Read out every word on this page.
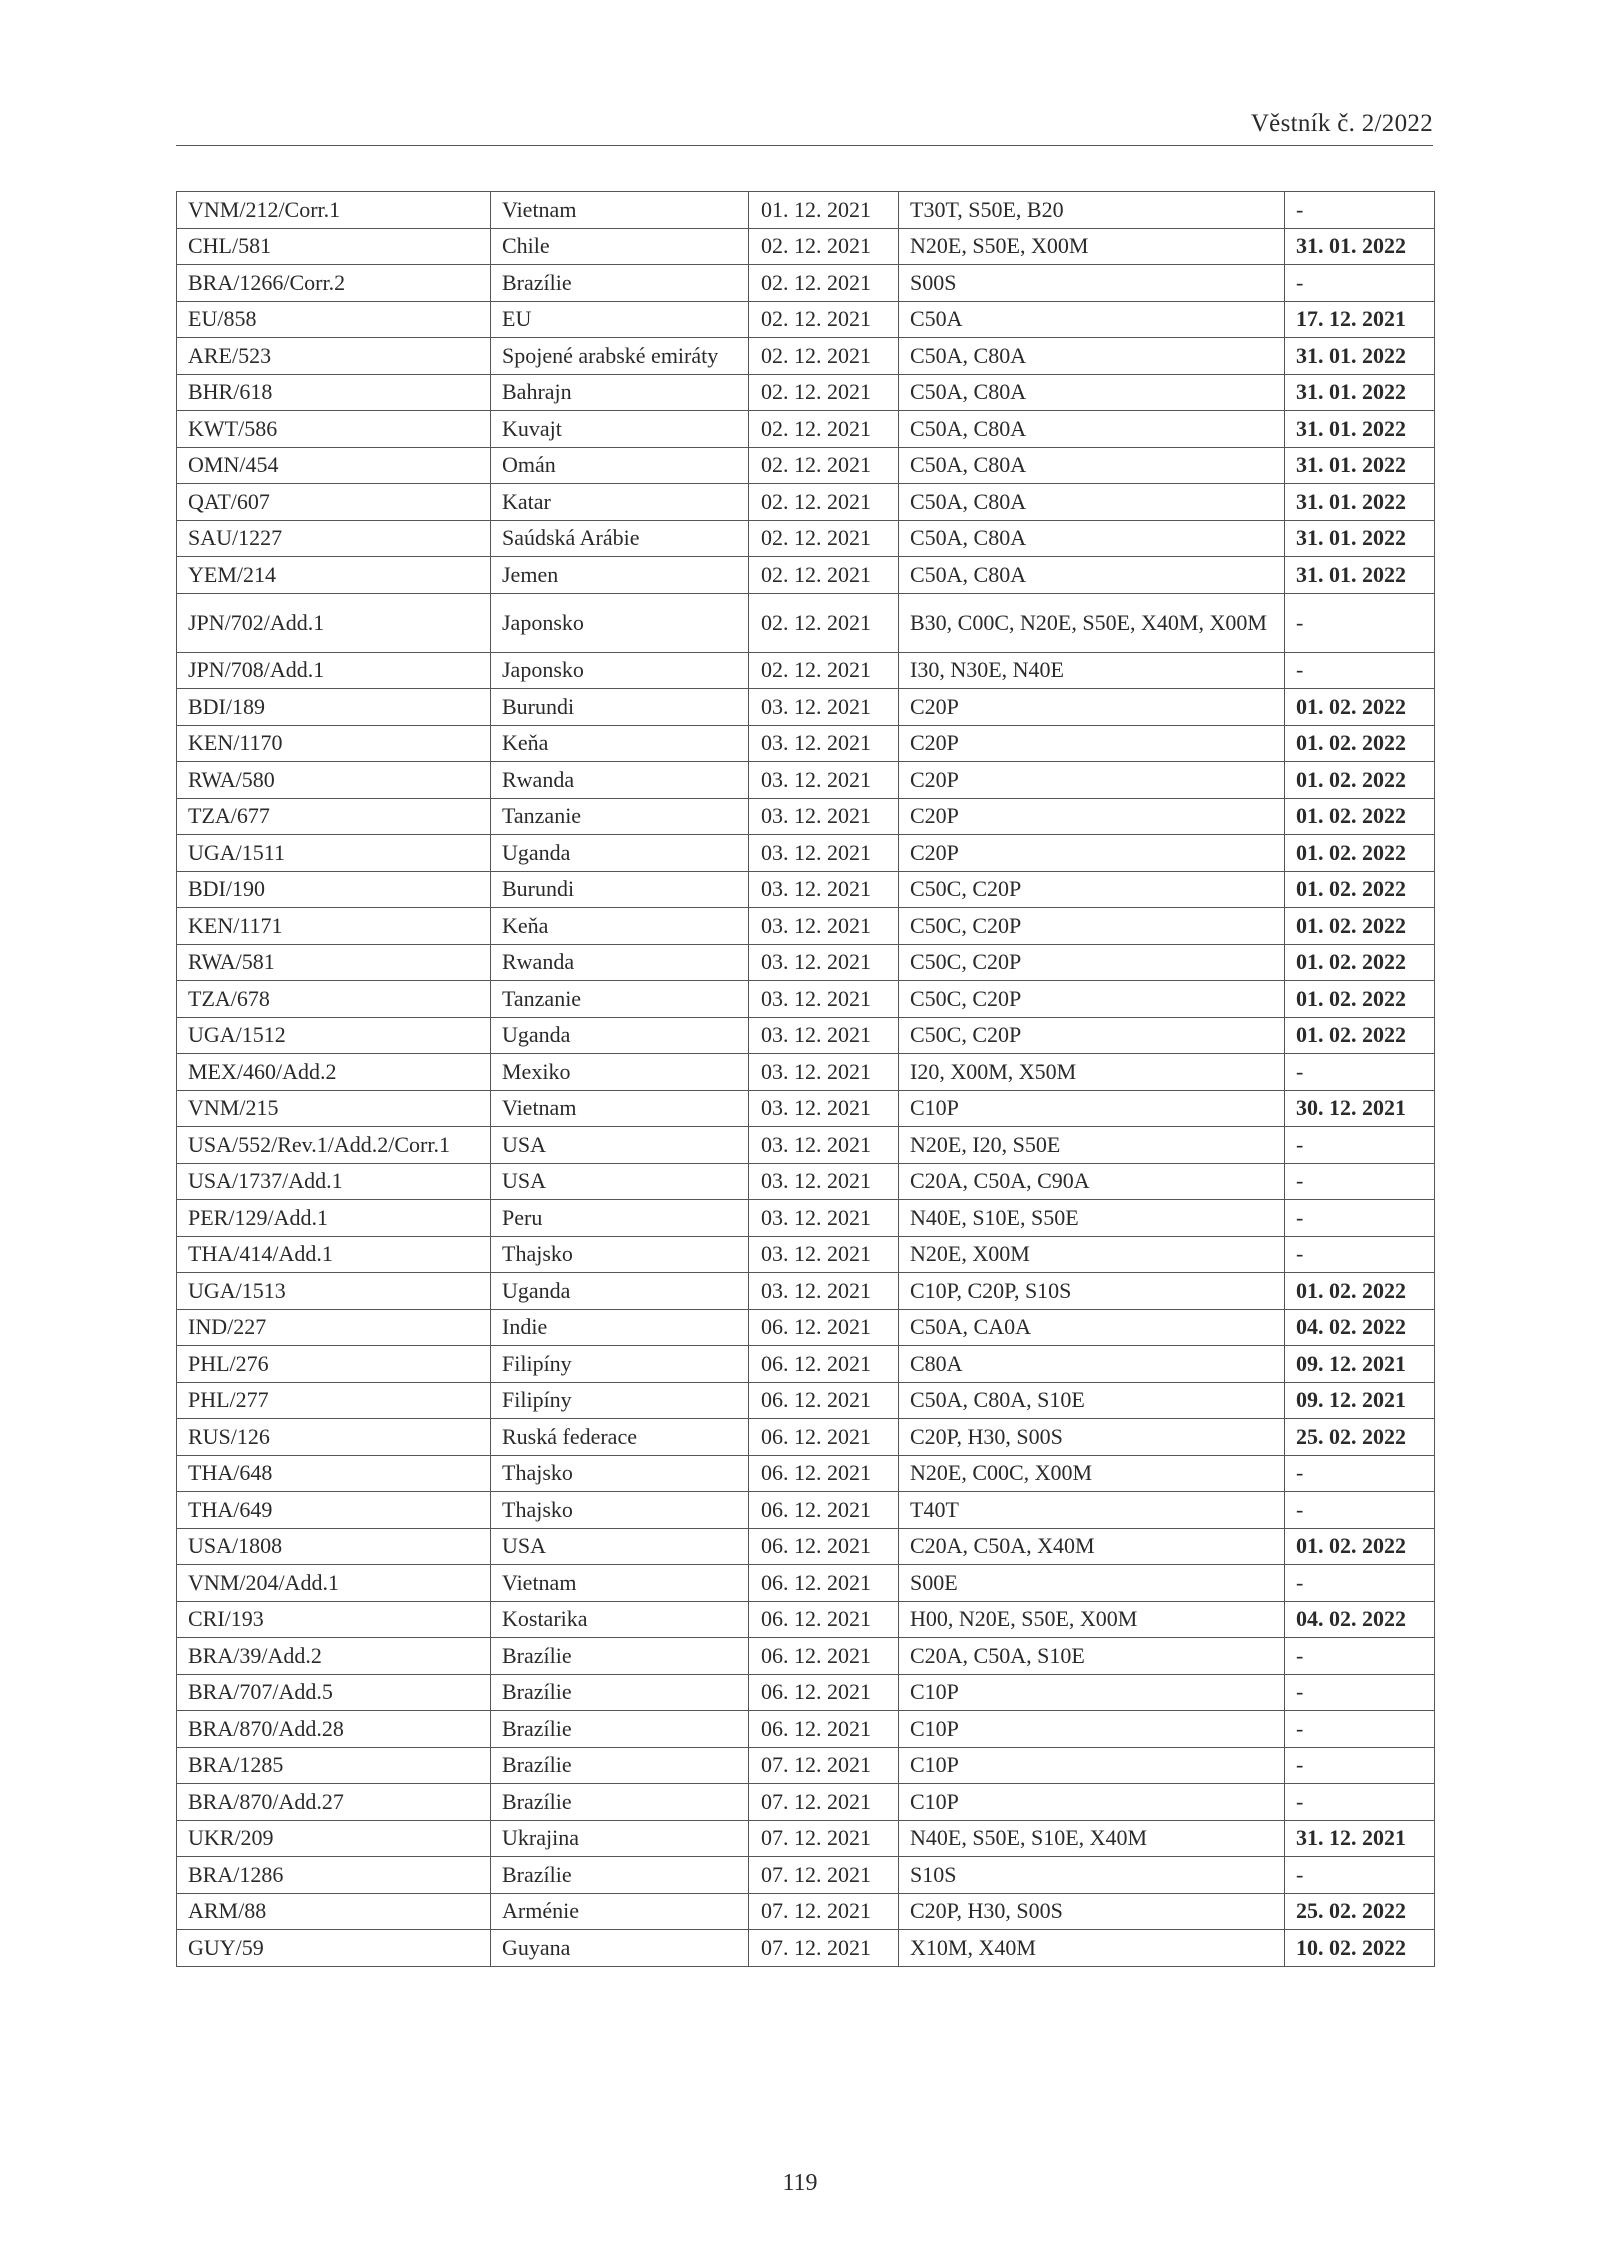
Věstník č. 2/2022
VNM/212/Corr.1	Vietnam	01. 12. 2021	T30T, S50E, B20	-
CHL/581	Chile	02. 12. 2021	N20E, S50E, X00M	31. 01. 2022
BRA/1266/Corr.2	Brazílie	02. 12. 2021	S00S	-
EU/858	EU	02. 12. 2021	C50A	17. 12. 2021
ARE/523	Spojené arabské emiráty	02. 12. 2021	C50A, C80A	31. 01. 2022
BHR/618	Bahrajn	02. 12. 2021	C50A, C80A	31. 01. 2022
KWT/586	Kuvajt	02. 12. 2021	C50A, C80A	31. 01. 2022
OMN/454	Omán	02. 12. 2021	C50A, C80A	31. 01. 2022
QAT/607	Katar	02. 12. 2021	C50A, C80A	31. 01. 2022
SAU/1227	Saúdská Arábie	02. 12. 2021	C50A, C80A	31. 01. 2022
YEM/214	Jemen	02. 12. 2021	C50A, C80A	31. 01. 2022
JPN/702/Add.1	Japonsko	02. 12. 2021	B30, C00C, N20E, S50E, X40M, X00M	-
JPN/708/Add.1	Japonsko	02. 12. 2021	I30, N30E, N40E	-
BDI/189	Burundi	03. 12. 2021	C20P	01. 02. 2022
KEN/1170	Keňa	03. 12. 2021	C20P	01. 02. 2022
RWA/580	Rwanda	03. 12. 2021	C20P	01. 02. 2022
TZA/677	Tanzanie	03. 12. 2021	C20P	01. 02. 2022
UGA/1511	Uganda	03. 12. 2021	C20P	01. 02. 2022
BDI/190	Burundi	03. 12. 2021	C50C, C20P	01. 02. 2022
KEN/1171	Keňa	03. 12. 2021	C50C, C20P	01. 02. 2022
RWA/581	Rwanda	03. 12. 2021	C50C, C20P	01. 02. 2022
TZA/678	Tanzanie	03. 12. 2021	C50C, C20P	01. 02. 2022
UGA/1512	Uganda	03. 12. 2021	C50C, C20P	01. 02. 2022
MEX/460/Add.2	Mexiko	03. 12. 2021	I20, X00M, X50M	-
VNM/215	Vietnam	03. 12. 2021	C10P	30. 12. 2021
USA/552/Rev.1/Add.2/Corr.1	USA	03. 12. 2021	N20E, I20, S50E	-
USA/1737/Add.1	USA	03. 12. 2021	C20A, C50A, C90A	-
PER/129/Add.1	Peru	03. 12. 2021	N40E, S10E, S50E	-
THA/414/Add.1	Thajsko	03. 12. 2021	N20E, X00M	-
UGA/1513	Uganda	03. 12. 2021	C10P, C20P, S10S	01. 02. 2022
IND/227	Indie	06. 12. 2021	C50A, CA0A	04. 02. 2022
PHL/276	Filipíny	06. 12. 2021	C80A	09. 12. 2021
PHL/277	Filipíny	06. 12. 2021	C50A, C80A, S10E	09. 12. 2021
RUS/126	Ruská federace	06. 12. 2021	C20P, H30, S00S	25. 02. 2022
THA/648	Thajsko	06. 12. 2021	N20E, C00C, X00M	-
THA/649	Thajsko	06. 12. 2021	T40T	-
USA/1808	USA	06. 12. 2021	C20A, C50A, X40M	01. 02. 2022
VNM/204/Add.1	Vietnam	06. 12. 2021	S00E	-
CRI/193	Kostarika	06. 12. 2021	H00, N20E, S50E, X00M	04. 02. 2022
BRA/39/Add.2	Brazílie	06. 12. 2021	C20A, C50A, S10E	-
BRA/707/Add.5	Brazílie	06. 12. 2021	C10P	-
BRA/870/Add.28	Brazílie	06. 12. 2021	C10P	-
BRA/1285	Brazílie	07. 12. 2021	C10P	-
BRA/870/Add.27	Brazílie	07. 12. 2021	C10P	-
UKR/209	Ukrajina	07. 12. 2021	N40E, S50E, S10E, X40M	31. 12. 2021
BRA/1286	Brazílie	07. 12. 2021	S10S	-
ARM/88	Arménie	07. 12. 2021	C20P, H30, S00S	25. 02. 2022
GUY/59	Guyana	07. 12. 2021	X10M, X40M	10. 02. 2022
119
